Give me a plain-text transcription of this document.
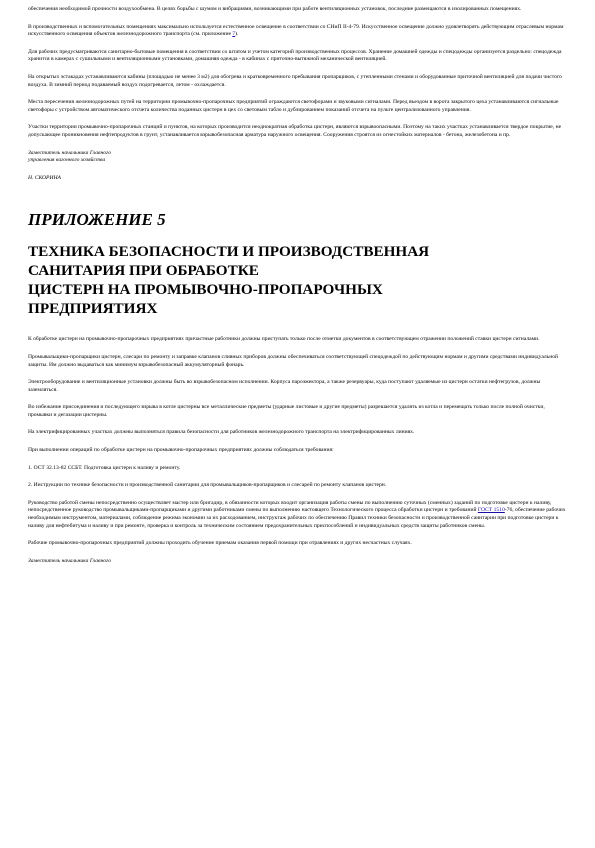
обеспечения необходимой прочности воздухообмена. В целях борьбы с шумом и вибрациями, возникающими при работе вентиляционных установок, последние размещаются в изолированных помещениях.

В производственных и вспомогательных помещениях максимально используется естественное освещение в соответствии со СНиП II-4-79. Искусственное освещение должно удовлетворять действующим отраслевым нормам искусственного освещения объектов железнодорожного транспорта (см. приложение 7).

Для рабочих предусматриваются санитарно-бытовые помещения в соответствии со штатом и учетом категорий производственных процессов. Хранение домашней одежды и спецодежды организуется раздельно: спецодежда хранится в камерах с сушильными и вентиляционными установками, домашняя одежда - в кабинах с приточно-вытяжной механической вентиляцией.

На открытых эстакадах устанавливаются кабины (площадью не менее 3 м2) для обогрева и кратковременного пребывания пропарщиков, с утепленными стенами и оборудованные приточной вентиляцией для подачи чистого воздуха. В зимний период подаваемый воздух подогревается, летом - охлаждается.

Места пересечения железнодорожных путей на территории промывочно-пропарочных предприятий ограждаются светофорами и звуковыми сигналами. Перед въездом в ворота закрытого цеха устанавливаются сигнальные светофоры с устройством автоматического отсчета количества поданных цистерн в цех со световым табло и дублированием показаний отсчета на пульте централизованного управления.

Участки территории промывочно-пропарочных станций и пунктов, на которых производится неоднократная обработка цистерн, являются взрывоопасными. Поэтому на таких участках устанавливается твердое покрытие, не допускающее проникновения нефтепродуктов в грунт, устанавливается взрывобезопасная арматура наружного освещения. Сооружения строятся из огнестойких материалов - бетона, железобетона и пр.

Заместитель начальника Главного

управления вагонного хозяйства

Н. СКОРИНА

ПРИЛОЖЕНИЕ 5
ТЕХНИКА БЕЗОПАСНОСТИ И ПРОИЗВОДСТВЕННАЯ
САНИТАРИЯ ПРИ ОБРАБОТКЕ
ЦИСТЕРН НА ПРОМЫВОЧНО-ПРОПАРОЧНЫХ
ПРЕДПРИЯТИЯХ

К обработке цистерн на промывочно-пропарочных предприятиях причастные работники должны приступать только после отметки документов в соответствующем отражении положений ставки цистерн сигналами.

Промывальщики-пропарщики цистерн, слесари по ремонту и заправке клапанов сливных приборов должны обеспечиваться соответствующей спецодеждой по действующим нормам и другими средствами индивидуальной защиты. Им должно выдаваться как минимум взрывобезопасный аккумуляторный фонарь.

Электрооборудование и вентиляционные установки должны быть во взрывобезопасном исполнении. Корпуса пароэжектора, а также резервуары, куда поступают удаляемые из цистерн остатки нефтегрузов, должны заземляться.

Во избежание присоединения и последующего взрыва в котле цистерны все металлические предметы (ударные листовые и другие предметы) разрешается удалять из котла и перемещать только после полной очистки, промывки и дегазации цистерны.

На электрифицированных участках должны выполняться правила безопасности для работников железнодорожного транспорта на электрифицированных линиях.

При выполнении операций по обработке цистерн на промывочно-пропарочных предприятиях должны соблюдаться требования:

1. ОСТ 32.13-82 ССБТ. Подготовка цистерн к наливу и ремонту.

2. Инструкции по технике безопасности и производственной санитарии для промывальщиков-пропарщиков и слесарей по ремонту клапанов цистерн.

Руководство работой смены непосредственно осуществляет мастер или бригадир, в обязанности которых входит организация работы смены по выполнению суточных (сменных) заданий по подготовке цистерн к наливу, непосредственное руководство промывальщиками-пропарщиками и другими работниками смены по выполнению настоящего Технологического процесса обработки цистерн и требований ГОСТ 1510-76, обеспечение рабочих необходимым инструментом, материалами, соблюдение режима экономии за их расходованием, инструктаж рабочих по обеспечению Правил техники безопасности и производственной санитарии при подготовке цистерн к наливу для нефтебитума и наливу и при ремонте, проверка и контроль за техническим состоянием предохранительных приспособлений и индивидуальных средств защиты работников смены.

Рабочие промывочно-пропарочных предприятий должны проходить обучение приемам оказания первой помощи при отравлениях и других несчастных случаях.

Заместитель начальника Главного
